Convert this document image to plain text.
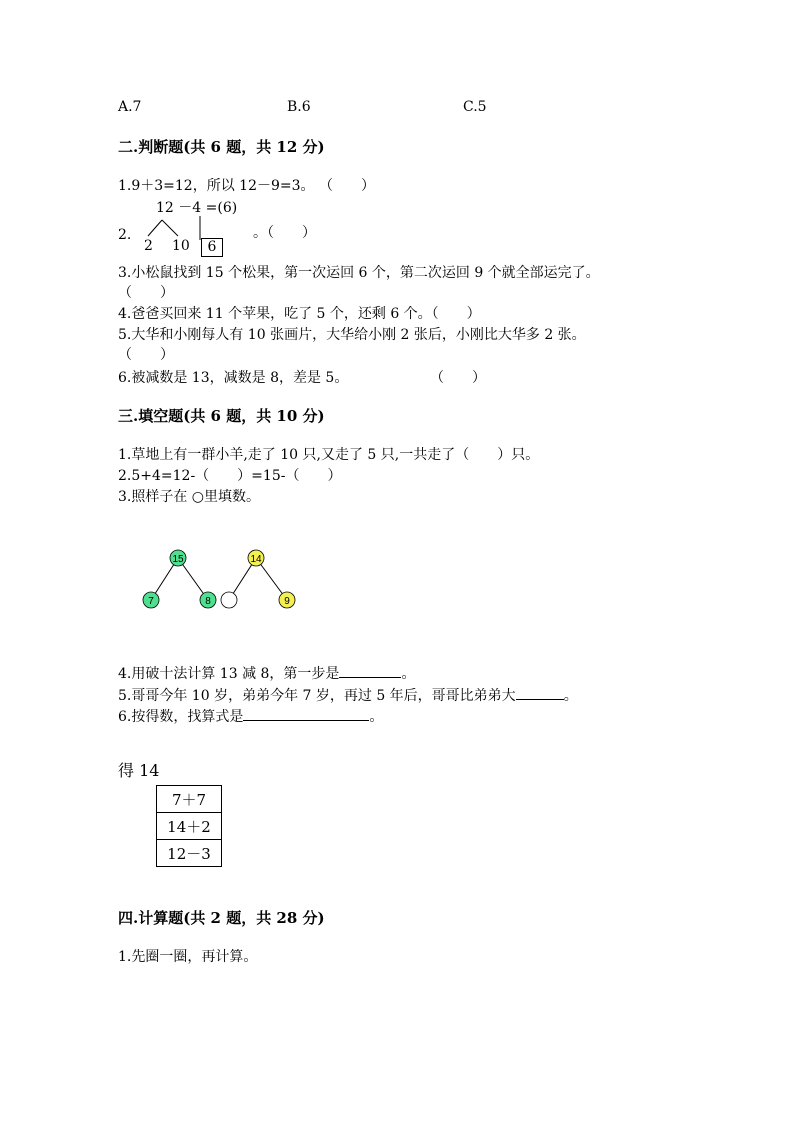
A.7	B.6	C.5
二.判断题(共 6 题，共 12 分)
1.9＋3=12，所以 12－9=3。 （　　）
12 －4 =(6)
2.
2 10	6
。（　　）
3.小松鼠找到 15 个松果，第一次运回 6 个，第二次运回 9 个就全部运完了。
（　　）
4.爸爸买回来 11 个苹果，吃了 5 个，还剩 6 个。（　　）
5.大华和小刚每人有 10 张画片，大华给小刚 2 张后，小刚比大华多 2 张。
（　　）
6.被减数是 13，减数是 8，差是 5。	（　　）
三.填空题(共 6 题，共 10 分)
1.草地上有一群小羊,走了 10 只,又走了 5 只,一共走了（　　）只。
2.5+4=12-（　　）=15-（　　）
3.照样子在 ○里填数。
15
7	8
14
9
4.用破十法计算 13 减 8，第一步是	。
5.哥哥今年 10 岁，弟弟今年 7 岁，再过 5 年后，哥哥比弟弟大	。
6.按得数，找算式是	。
得 14
7＋7
14＋2
12－3
四.计算题(共 2 题，共 28 分)
1.先圈一圈，再计算。
